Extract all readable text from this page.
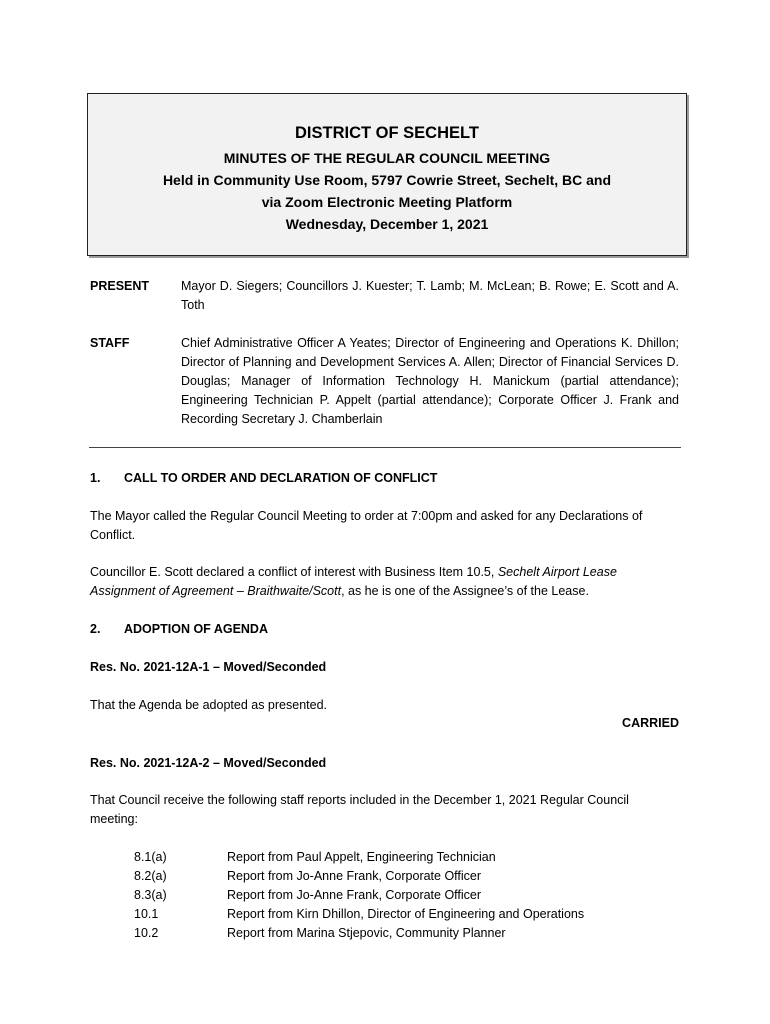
DISTRICT OF SECHELT
MINUTES OF THE REGULAR COUNCIL MEETING
Held in Community Use Room, 5797 Cowrie Street, Sechelt, BC and
via Zoom Electronic Meeting Platform
Wednesday, December 1, 2021
PRESENT	Mayor D. Siegers; Councillors J. Kuester; T. Lamb; M. McLean; B. Rowe; E. Scott and A. Toth
STAFF	Chief Administrative Officer A Yeates; Director of Engineering and Operations K. Dhillon; Director of Planning and Development Services A. Allen; Director of Financial Services D. Douglas; Manager of Information Technology H. Manickum (partial attendance); Engineering Technician P. Appelt (partial attendance); Corporate Officer J. Frank and Recording Secretary J. Chamberlain
1. CALL TO ORDER AND DECLARATION OF CONFLICT
The Mayor called the Regular Council Meeting to order at 7:00pm and asked for any Declarations of Conflict.
Councillor E. Scott declared a conflict of interest with Business Item 10.5, Sechelt Airport Lease Assignment of Agreement – Braithwaite/Scott, as he is one of the Assignee’s of the Lease.
2. ADOPTION OF AGENDA
Res. No. 2021-12A-1 – Moved/Seconded
That the Agenda be adopted as presented.
CARRIED
Res. No. 2021-12A-2 – Moved/Seconded
That Council receive the following staff reports included in the December 1, 2021 Regular Council meeting:
8.1(a)	Report from Paul Appelt, Engineering Technician
8.2(a)	Report from Jo-Anne Frank, Corporate Officer
8.3(a)	Report from Jo-Anne Frank, Corporate Officer
10.1	Report from Kirn Dhillon, Director of Engineering and Operations
10.2	Report from Marina Stjepovic, Community Planner
